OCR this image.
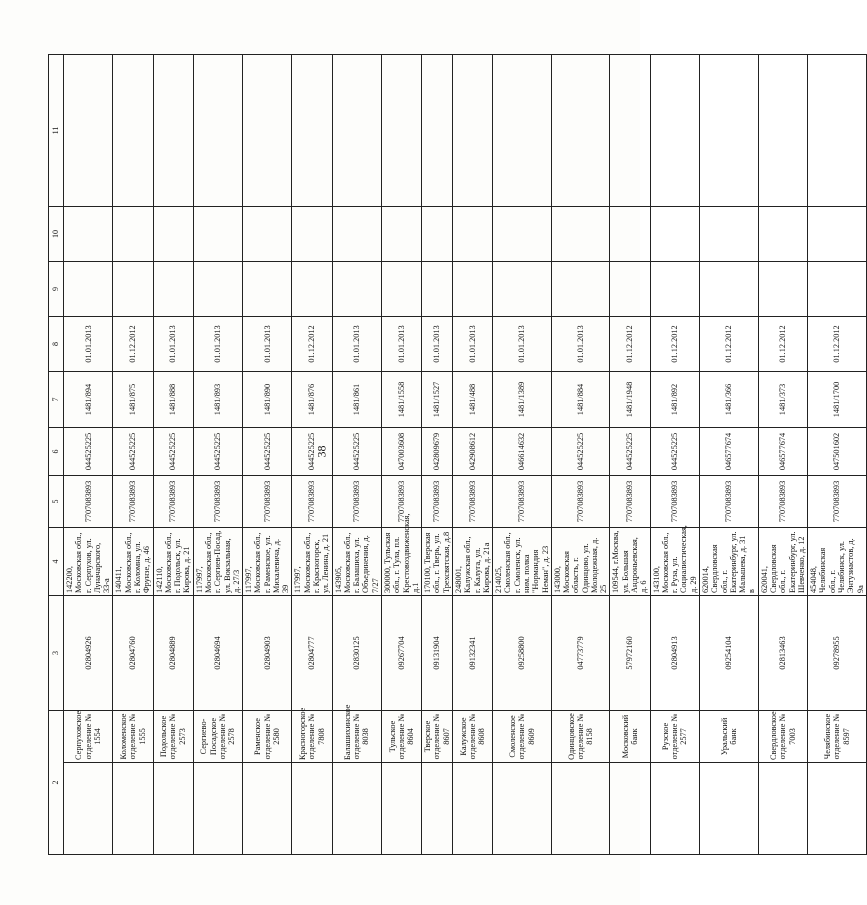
38
2		3	4	5	6	7	8	9	10	11
	Серпуховское отделение № 1554	02804926	142200, Московская обл., г. Серпухов, ул. Луначарского, 33-а	7707083893	044525225	1481/894	01.01.2013			
	Коломенское отделение № 1555	02804760	140411, Московская обл., г. Коломна, ул. Фрунзе, д. 46	7707083893	044525225	1481/875	01.12.2012			
	Подольское отделение № 2573	02804889	142110, Московская обл., г. Подольск, ул. Кирова, д. 21	7707083893	044525225	1481/888	01.01.2013			
	Сергиево-Посадское отделение № 2578	02804694	117997, Московская обл., г. Сергиев-Посад, ул. Вокзальная, д. 27/3	7707083893	044525225	1481/893	01.01.2013			
	Раменское отделение № 2580	02804903	117997, Московская обл., г. Раменское, ул. Михалевича, д. 39	7707083893	044525225	1481/890	01.01.2013			
	Красногорское отделение № 7808	02804777	117997, Московская обл., г. Красногорск, ул. Ленина, д. 21	7707083893	044525225	1481/876	01.12.2012			
	Балашихинское отделение № 8038	02830125	143905, Московская обл., г. Балашиха, ул. Объединения, д. 7/27	7707083893	044525225	1481/861	01.01.2013			
	Тульское отделение № 8604	09267704	300000, Тульская обл., г. Тула, пл. Крестовоздвиженская, д.1	7707083893	047003608	1481/1558	01.01.2013			
	Тверское отделение № 8607	09131904	170100, Тверская обл., г. Тверь, ул. Трехсвятская, д.8	7707083893	042809679	1481/1527	01.01.2013			
	Калужское отделение № 8608	09132341	248001, Калужская обл., г. Калуга, ул. Кирова, д. 21а	7707083893	042908612	1481/488	01.01.2013			
	Смоленское отделение № 8609	09258800	214025, Смоленская обл., г. Смоленск, ул. ним. полка "Нормандия Неман", д. 23	7707083893	046614632	1481/1389	01.01.2013			
	Одинцовское отделение № 8158	04773779	143000, Московская область, г. Одинцово, ул. Молодежная, д. 25	7707083893	044525225	1481/884	01.01.2013			
	Московский банк	57972160	109544, г.Москва, ул. Большая Андроньевская, д. 6	7707083893	044525225	1481/1948	01.12.2012			
	Рузское отделение № 2577	02804913	143100, Московская обл., г. Руза, ул. Социалистическая, д. 29	7707083893	044525225	1481/892	01.12.2012			
	Уральский банк	09254104	620014, Свердловская обл., г. Екатеринбург, ул. Мальшева, д. 31 в	7707083893	046577674	1481/366	01.12.2012			
	Свердловское отделение № 7003	02813463	620041, Свердловская обл., г. Екатеринбург, ул. Шевченко, д. 12	7707083893	046577674	1481/373	01.12.2012			
	Челябинское отделение № 8597	09278955	454048, Челябинская обл., г. Челябинск, ул. Энтузиастов, д. 9а	7707083893	047501602	1481/1700	01.12.2012			
